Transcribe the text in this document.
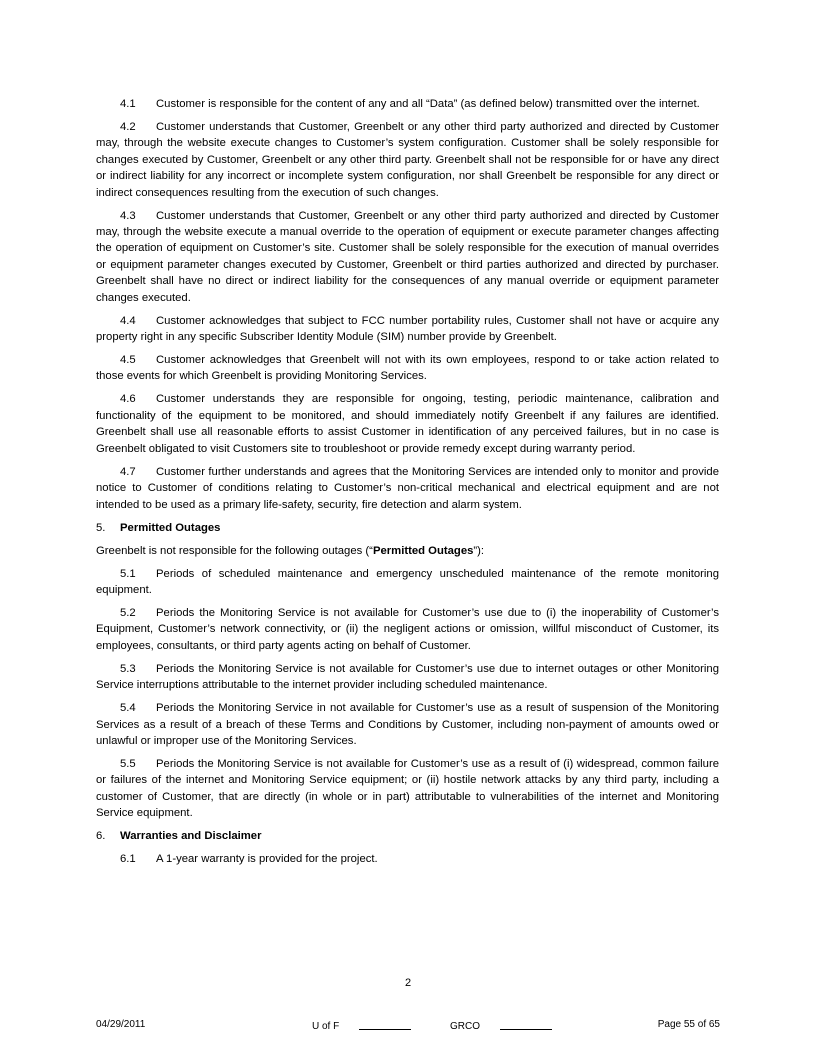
4.1 Customer is responsible for the content of any and all “Data” (as defined below) transmitted over the internet.

4.2 Customer understands that Customer, Greenbelt or any other third party authorized and directed by Customer may, through the website execute changes to Customer’s system configuration. Customer shall be solely responsible for changes executed by Customer, Greenbelt or any other third party. Greenbelt shall not be responsible for or have any direct or indirect liability for any incorrect or incomplete system configuration, nor shall Greenbelt be responsible for any direct or indirect consequences resulting from the execution of such changes.

4.3 Customer understands that Customer, Greenbelt or any other third party authorized and directed by Customer may, through the website execute a manual override to the operation of equipment or execute parameter changes affecting the operation of equipment on Customer’s site. Customer shall be solely responsible for the execution of manual overrides or equipment parameter changes executed by Customer, Greenbelt or third parties authorized and directed by purchaser. Greenbelt shall have no direct or indirect liability for the consequences of any manual override or equipment parameter changes executed.

4.4 Customer acknowledges that subject to FCC number portability rules, Customer shall not have or acquire any property right in any specific Subscriber Identity Module (SIM) number provide by Greenbelt.

4.5 Customer acknowledges that Greenbelt will not with its own employees, respond to or take action related to those events for which Greenbelt is providing Monitoring Services.

4.6 Customer understands they are responsible for ongoing, testing, periodic maintenance, calibration and functionality of the equipment to be monitored, and should immediately notify Greenbelt if any failures are identified. Greenbelt shall use all reasonable efforts to assist Customer in identification of any perceived failures, but in no case is Greenbelt obligated to visit Customers site to troubleshoot or provide remedy except during warranty period.

4.7 Customer further understands and agrees that the Monitoring Services are intended only to monitor and provide notice to Customer of conditions relating to Customer’s non-critical mechanical and electrical equipment and are not intended to be used as a primary life-safety, security, fire detection and alarm system.

5. Permitted Outages

Greenbelt is not responsible for the following outages (“Permitted Outages”):

5.1 Periods of scheduled maintenance and emergency unscheduled maintenance of the remote monitoring equipment.

5.2 Periods the Monitoring Service is not available for Customer’s use due to (i) the inoperability of Customer’s Equipment, Customer’s network connectivity, or (ii) the negligent actions or omission, willful misconduct of Customer, its employees, consultants, or third party agents acting on behalf of Customer.

5.3 Periods the Monitoring Service is not available for Customer’s use due to internet outages or other Monitoring Service interruptions attributable to the internet provider including scheduled maintenance.

5.4 Periods the Monitoring Service in not available for Customer’s use as a result of suspension of the Monitoring Services as a result of a breach of these Terms and Conditions by Customer, including non-payment of amounts owed or unlawful or improper use of the Monitoring Services.

5.5 Periods the Monitoring Service is not available for Customer’s use as a result of (i) widespread, common failure or failures of the internet and Monitoring Service equipment; or (ii) hostile network attacks by any third party, including a customer of Customer, that are directly (in whole or in part) attributable to vulnerabilities of the internet and Monitoring Service equipment.

6. Warranties and Disclaimer

6.1 A 1-year warranty is provided for the project.

2
04/29/2011	U of F	GRCO	Page 55 of 65
